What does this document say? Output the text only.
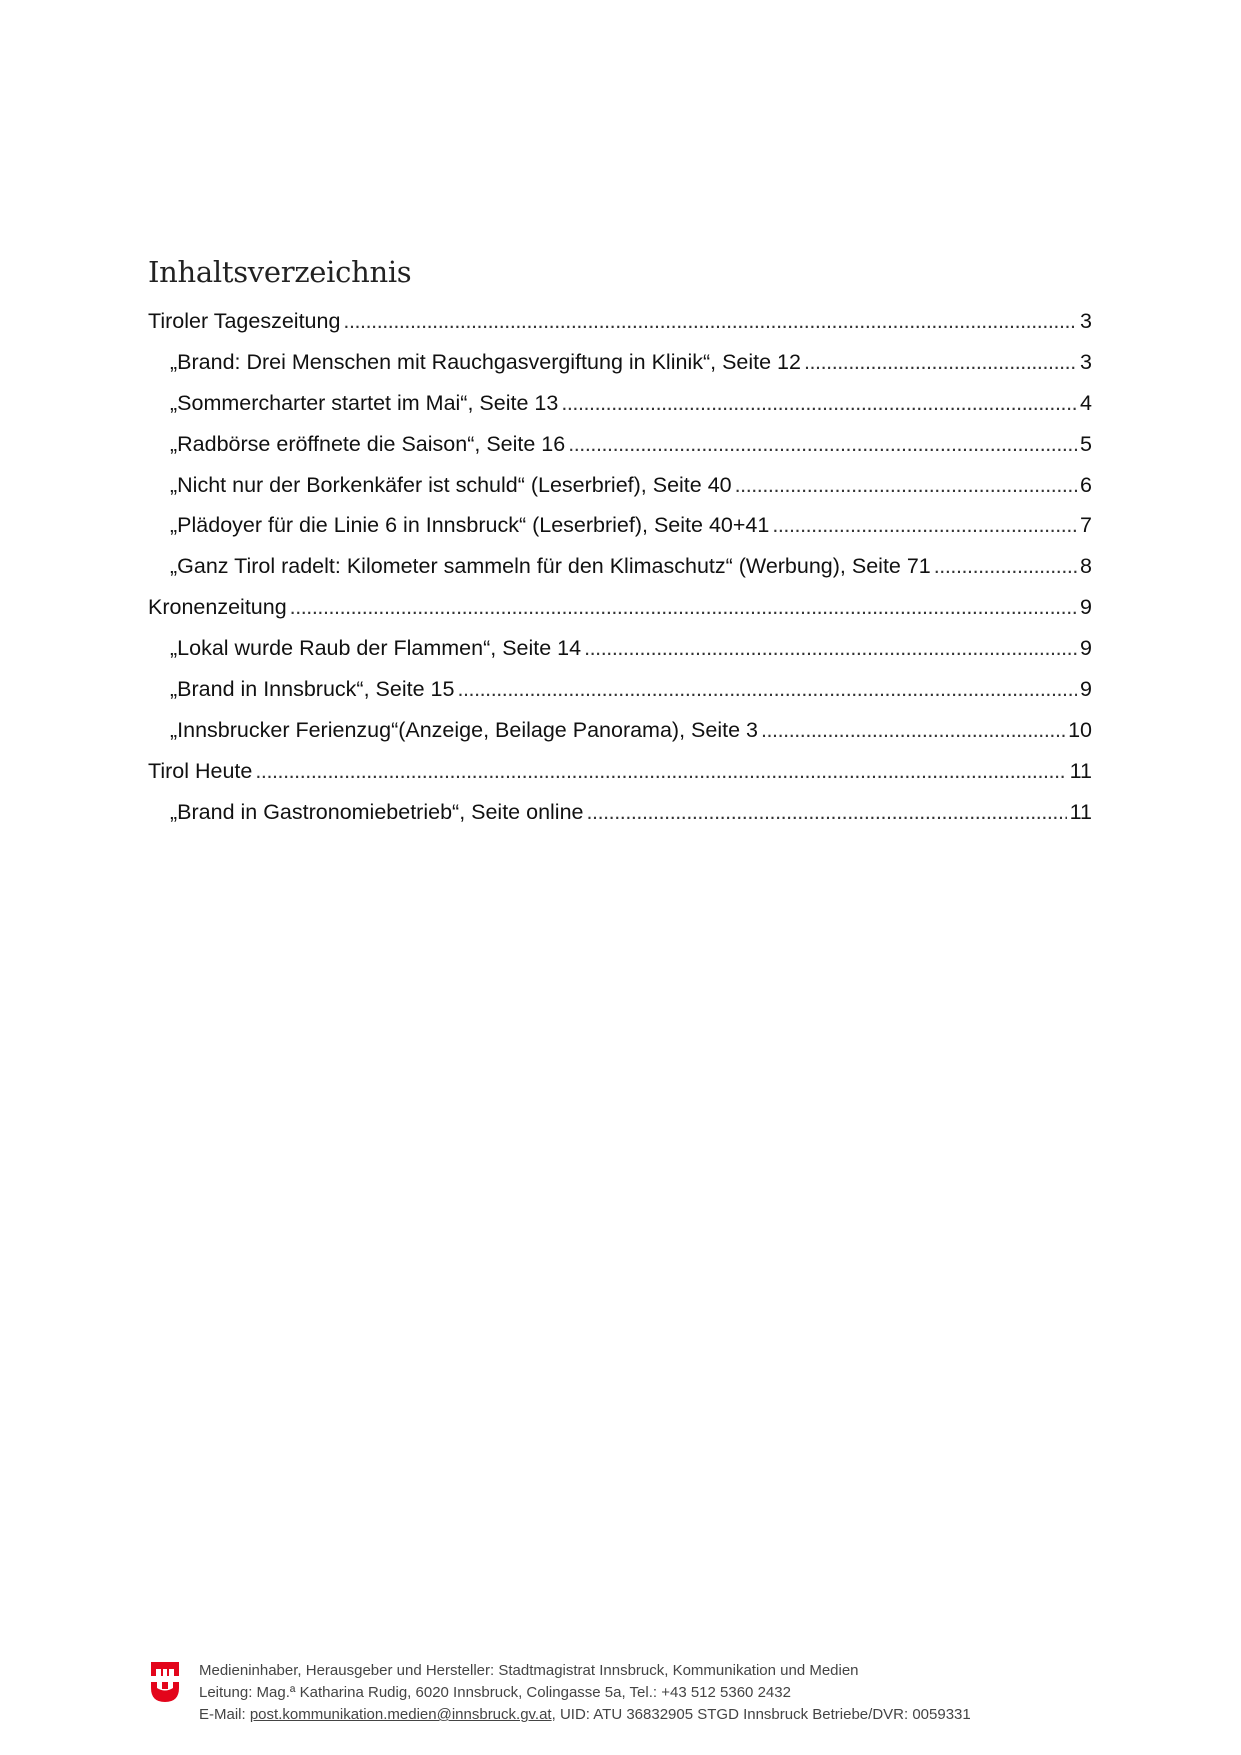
Inhaltsverzeichnis
Tiroler Tageszeitung . . .	3
„Brand: Drei Menschen mit Rauchgasvergiftung in Klinik“, Seite 12 . . .	3
„Sommercharter startet im Mai“, Seite 13 . . .	4
„Radbörse eröffnete die Saison“, Seite 16 . . .	5
„Nicht nur der Borkenkäfer ist schuld“ (Leserbrief), Seite 40 . . .	6
„Plädoyer für die Linie 6 in Innsbruck“ (Leserbrief), Seite 40+41 . . .	7
„Ganz Tirol radelt: Kilometer sammeln für den Klimaschutz“ (Werbung), Seite 71 . . .	8
Kronenzeitung . . .	9
„Lokal wurde Raub der Flammen“, Seite 14 . . .	9
„Brand in Innsbruck“, Seite 15 . . .	9
„Innsbrucker Ferienzug“(Anzeige, Beilage Panorama), Seite 3 . . .	10
Tirol Heute . . .	11
„Brand in Gastronomiebetrieb“, Seite online . . .	11
Medieninhaber, Herausgeber und Hersteller: Stadtmagistrat Innsbruck, Kommunikation und Medien
Leitung: Mag.ª Katharina Rudig, 6020 Innsbruck, Colingasse 5a, Tel.: +43 512 5360 2432
E-Mail: post.kommunikation.medien@innsbruck.gv.at, UID: ATU 36832905 STGD Innsbruck Betriebe/DVR: 0059331
